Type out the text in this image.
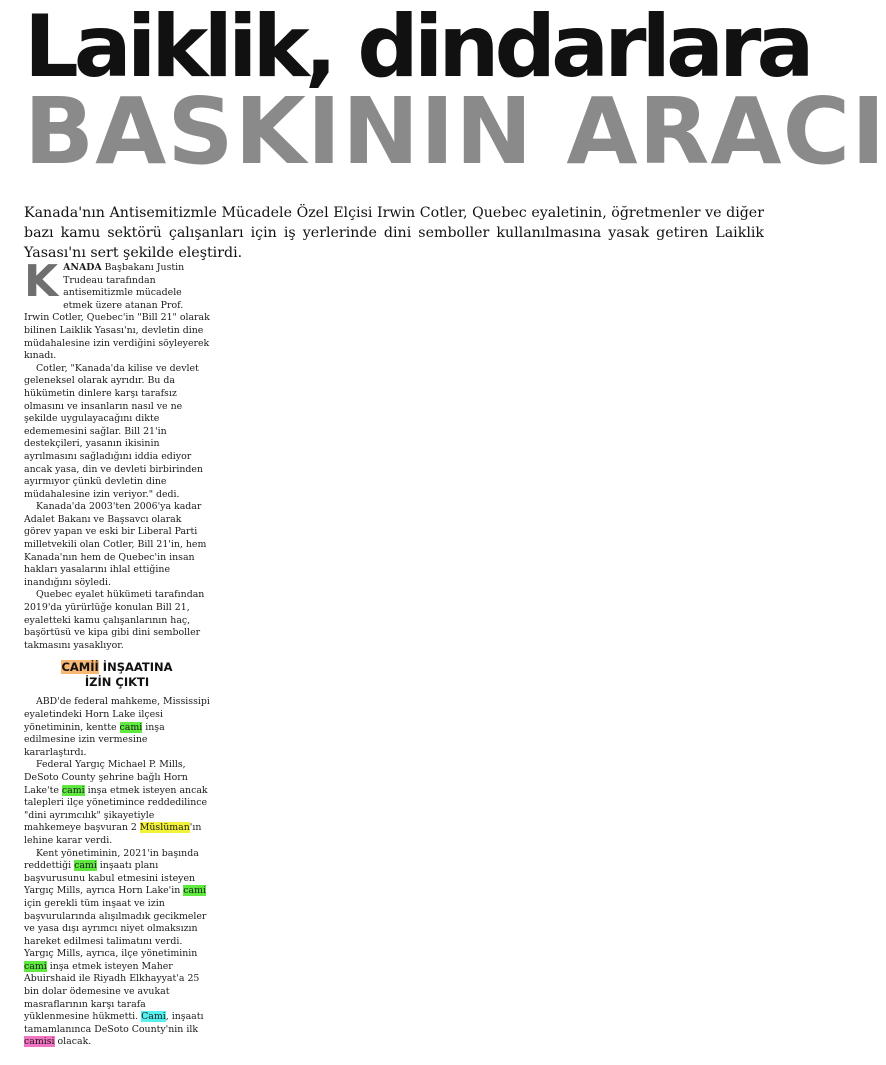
Laiklik, dindarlara
BASKININ ARACI

Kanada'nın Antisemitizmle Mücadele Özel Elçisi Irwin Cotler, Quebec eyaletinin, öğretmenler ve diğer bazı kamu sektörü çalışanları için iş yerlerinde dini semboller kullanılmasına yasak getiren Laiklik Yasası'nı sert şekilde eleştirdi.

KANADA Başbakanı Justin Trudeau tarafından antisemitizmle mücadele etmek üzere atanan Prof. Irwin Cotler, Quebec'in "Bill 21" olarak bilinen Laiklik Yasası'nı, devletin dine müdahalesine izin verdiğini söyleyerek kınadı.

Cotler, "Kanada'da kilise ve devlet geleneksel olarak ayrıdır. Bu da hükümetin dinlere karşı tarafsız olmasını ve insanların nasıl ve ne şekilde uygulayacağını dikte edememesini sağlar. Bill 21'in destekçileri, yasanın ikisinin ayrılmasını sağladığını iddia ediyor ancak yasa, din ve devleti birbirinden ayırmıyor çünkü devletin dine müdahalesine izin veriyor." dedi.

Kanada'da 2003'ten 2006'ya kadar Adalet Bakanı ve Başsavcı olarak görev yapan ve eski bir Liberal Parti milletvekili olan Cotler, Bill 21'in, hem Kanada'nın hem de Quebec'in insan hakları yasalarını ihlal ettiğine inandığını söyledi.

Quebec eyalet hükümeti tarafından 2019'da yürürlüğe konulan Bill 21, eyaletteki kamu çalışanlarının haç, başörtüsü ve kipa gibi dini semboller takmasını yasaklıyor.

CAMİİ İNŞAATINA
İZİN ÇIKTI

ABD'de federal mahkeme, Mississipi eyaletindeki Horn Lake ilçesi yönetiminin, kentte cami inşa edilmesine izin vermesine kararlaştırdı.

Federal Yargıç Michael P. Mills, DeSoto County şehrine bağlı Horn Lake'te cami inşa etmek isteyen ancak talepleri ilçe yönetimince reddedilince "dini ayrımcılık" şikayetiyle mahkemeye başvuran 2 Müslüman'ın lehine karar verdi.

Kent yönetiminin, 2021'in başında reddettiği cami inşaatı planı başvurusunu kabul etmesini isteyen Yargıç Mills, ayrıca Horn Lake'in cami için gerekli tüm inşaat ve izin başvurularında alışılmadık gecikmeler ve yasa dışı ayrımcı niyet olmaksızın hareket edilmesi talimatını verdi. Yargıç Mills, ayrıca, ilçe yönetiminin cami inşa etmek isteyen Maher Abuirshaid ile Riyadh Elkhayyat'a 25 bin dolar ödemesine ve avukat masraflarının karşı tarafa yüklenmesine hükmetti. Cami, inşaatı tamamlanınca DeSoto County'nin ilk camisi olacak.
